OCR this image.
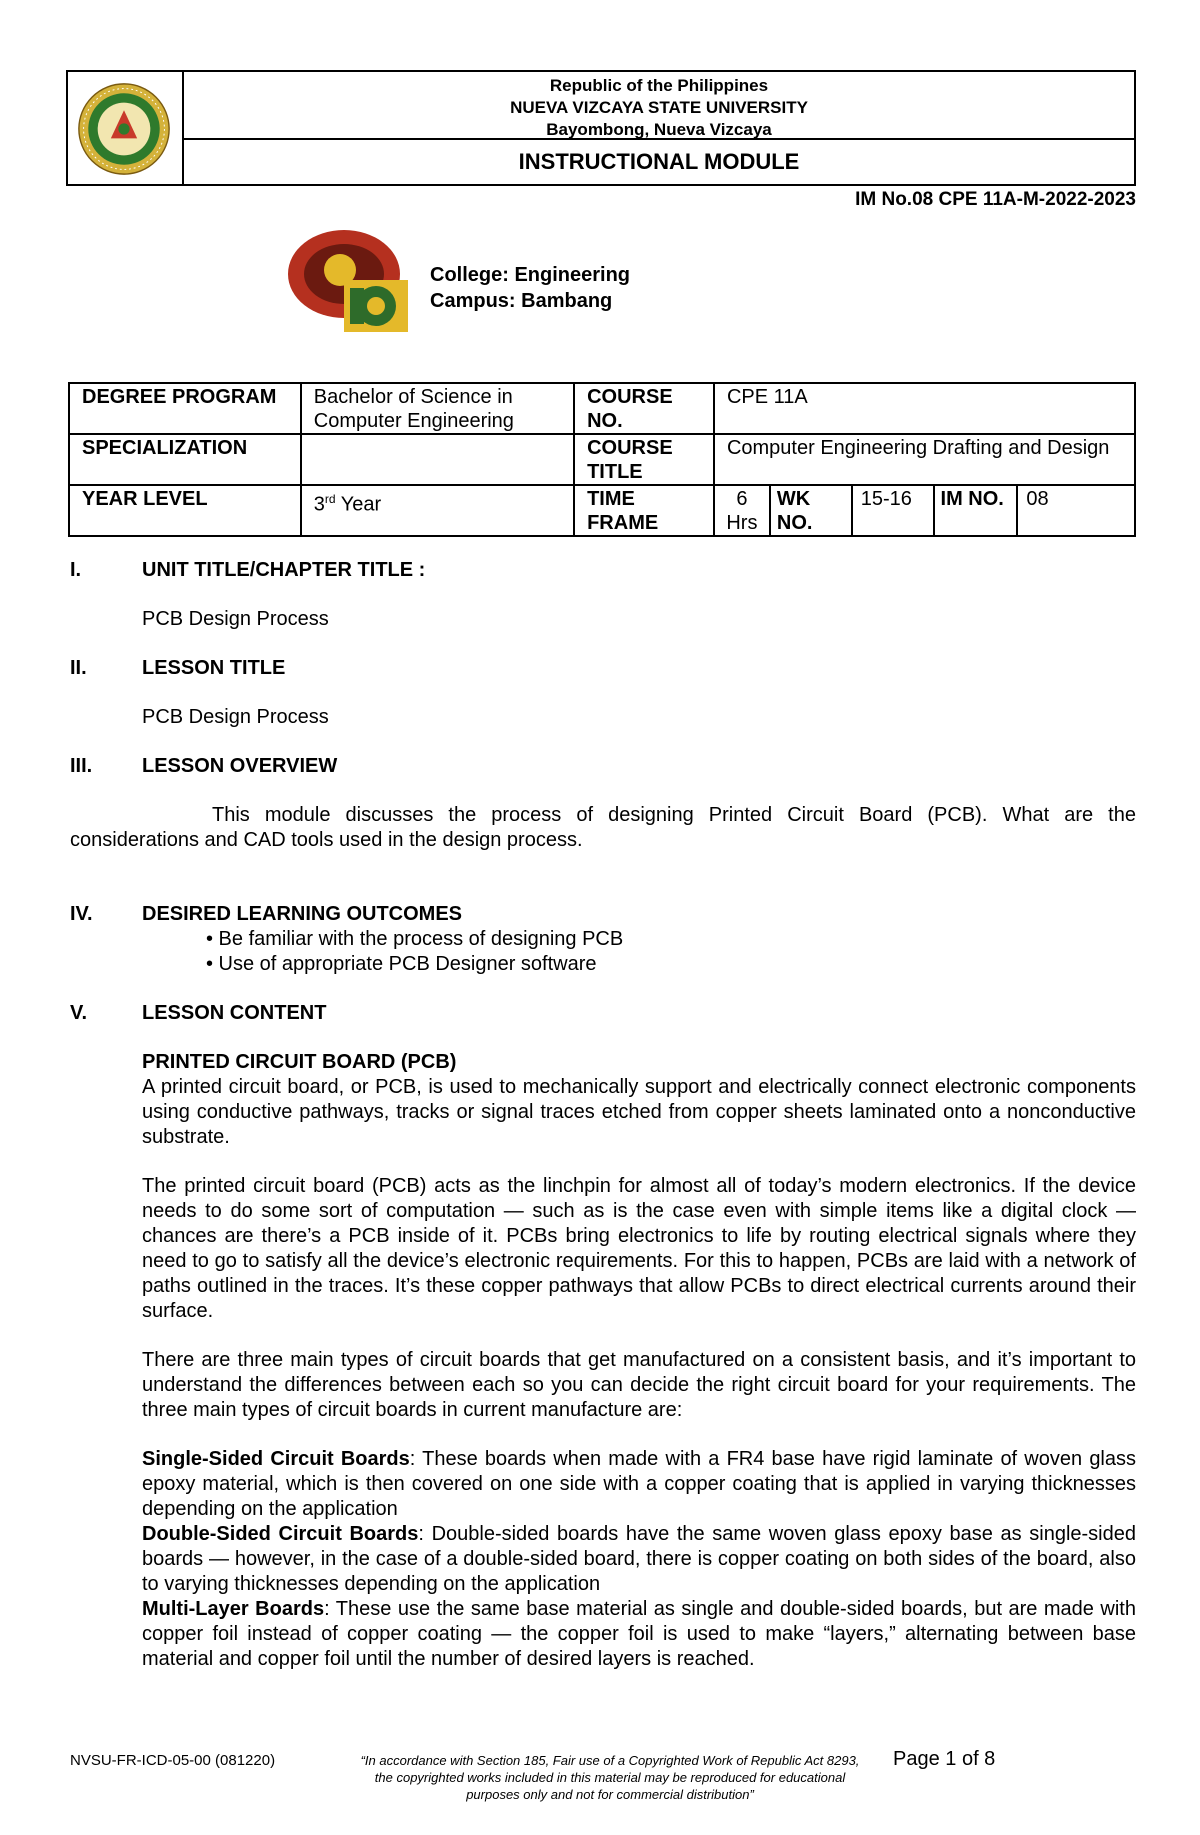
Republic of the Philippines
NUEVA VIZCAYA STATE UNIVERSITY
Bayombong, Nueva Vizcaya
INSTRUCTIONAL MODULE
IM No.08 CPE 11A-M-2022-2023
College: Engineering
Campus: Bambang
DEGREE PROGRAM	Bachelor of Science in Computer Engineering	COURSE NO.	CPE 11A				
SPECIALIZATION		COURSE TITLE	Computer Engineering Drafting and Design				
YEAR LEVEL	3rd Year	TIME FRAME	6 Hrs	WK NO.	15-16	IM NO.	08
I.	UNIT TITLE/CHAPTER TITLE :
PCB Design Process
II.	LESSON TITLE
PCB Design Process
III.	LESSON OVERVIEW
This module discusses the process of designing Printed Circuit Board (PCB). What are the considerations and CAD tools used in the design process.
IV.	DESIRED LEARNING OUTCOMES
• Be familiar with the process of designing PCB
• Use of appropriate PCB Designer software
V.	LESSON CONTENT
PRINTED CIRCUIT BOARD (PCB)
A printed circuit board, or PCB, is used to mechanically support and electrically connect electronic components using conductive pathways, tracks or signal traces etched from copper sheets laminated onto a nonconductive substrate.
The printed circuit board (PCB) acts as the linchpin for almost all of today’s modern electronics. If the device needs to do some sort of computation — such as is the case even with simple items like a digital clock — chances are there’s a PCB inside of it. PCBs bring electronics to life by routing electrical signals where they need to go to satisfy all the device’s electronic requirements. For this to happen, PCBs are laid with a network of paths outlined in the traces. It’s these copper pathways that allow PCBs to direct electrical currents around their surface.
There are three main types of circuit boards that get manufactured on a consistent basis, and it’s important to understand the differences between each so you can decide the right circuit board for your requirements. The three main types of circuit boards in current manufacture are:
Single-Sided Circuit Boards: These boards when made with a FR4 base have rigid laminate of woven glass epoxy material, which is then covered on one side with a copper coating that is applied in varying thicknesses depending on the application
Double-Sided Circuit Boards: Double-sided boards have the same woven glass epoxy base as single-sided boards — however, in the case of a double-sided board, there is copper coating on both sides of the board, also to varying thicknesses depending on the application
Multi-Layer Boards: These use the same base material as single and double-sided boards, but are made with copper foil instead of copper coating — the copper foil is used to make “layers,” alternating between base material and copper foil until the number of desired layers is reached.
NVSU-FR-ICD-05-00 (081220)	“In accordance with Section 185, Fair use of a Copyrighted Work of Republic Act 8293, the copyrighted works included in this material may be reproduced for educational purposes only and not for commercial distribution”
Page 1 of 8
